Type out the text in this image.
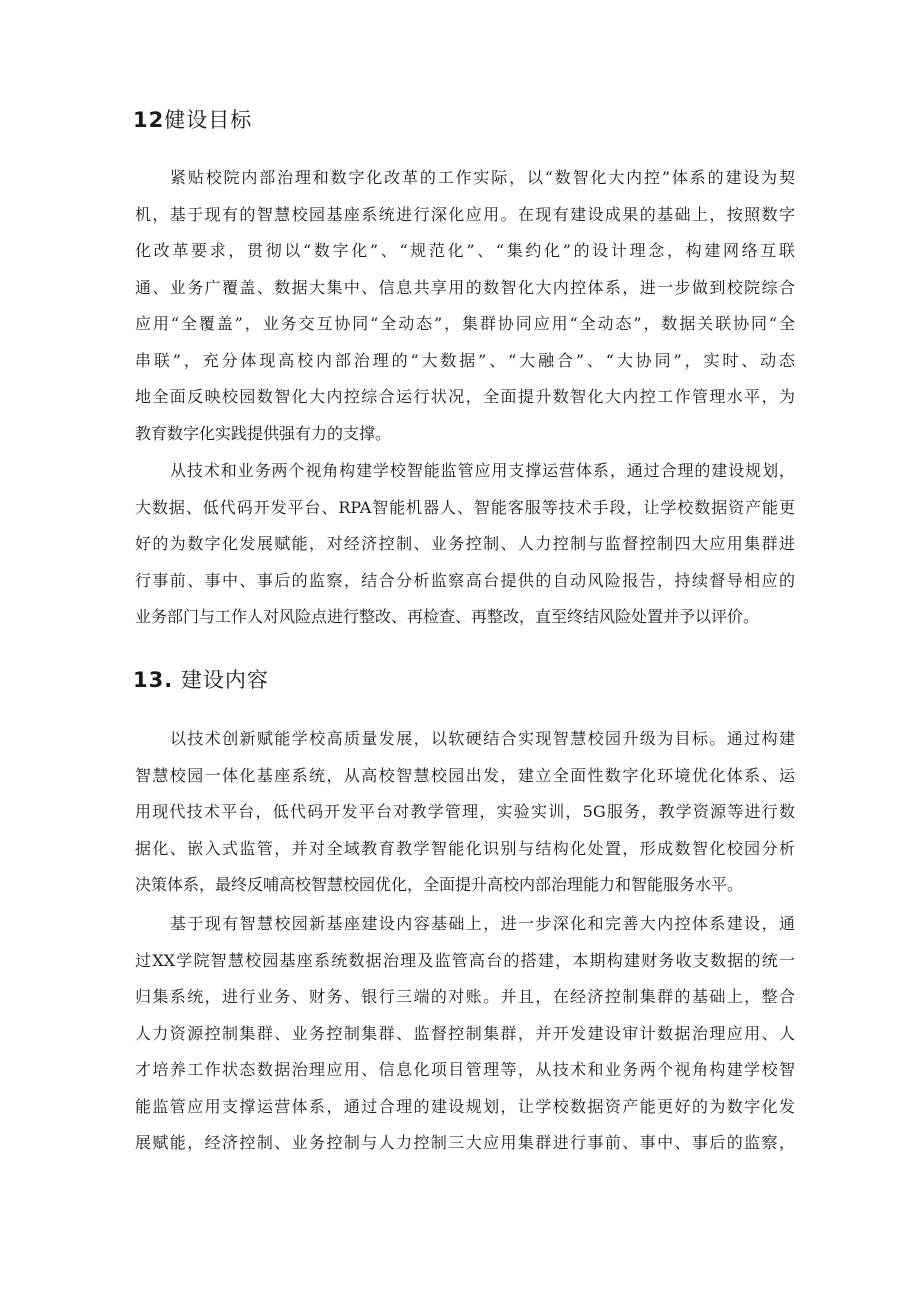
12健设目标
紧贴校院内部治理和数字化改革的工作实际，以“数智化大内控”体系的建设为契
机，基于现有的智慧校园基座系统进行深化应用。在现有建设成果的基础上，按照数字
化改革要求，贯彻以“数字化”、“规范化”、“集约化”的设计理念，构建网络互联
通、业务广覆盖、数据大集中、信息共享用的数智化大内控体系，进一步做到校院综合
应用“全覆盖”，业务交互协同“全动态”，集群协同应用“全动态”，数据关联协同“全
串联”，充分体现高校内部治理的“大数据”、“大融合”、“大协同”，实时、动态
地全面反映校园数智化大内控综合运行状况，全面提升数智化大内控工作管理水平，为
教育数字化实践提供强有力的支撑。
从技术和业务两个视角构建学校智能监管应用支撑运营体系，通过合理的建设规划，
大数据、低代码开发平台、RPA智能机器人、智能客服等技术手段，让学校数据资产能更
好的为数字化发展赋能，对经济控制、业务控制、人力控制与监督控制四大应用集群进
行事前、事中、事后的监察，结合分析监察高台提供的自动风险报告，持续督导相应的
业务部门与工作人对风险点进行整改、再检查、再整改，直至终结风险处置并予以评价。
13. 建设内容
以技术创新赋能学校高质量发展，以软硬结合实现智慧校园升级为目标。通过构建
智慧校园一体化基座系统，从高校智慧校园出发，建立全面性数字化环境优化体系、运
用现代技术平台，低代码开发平台对教学管理，实验实训，5G服务，教学资源等进行数
据化、嵌入式监管，并对全域教育教学智能化识别与结构化处置，形成数智化校园分析
决策体系，最终反哺高校智慧校园优化，全面提升高校内部治理能力和智能服务水平。
基于现有智慧校园新基座建设内容基础上，进一步深化和完善大内控体系建设，通
过XX学院智慧校园基座系统数据治理及监管高台的搭建，本期构建财务收支数据的统一
归集系统，进行业务、财务、银行三端的对账。并且，在经济控制集群的基础上，整合
人力资源控制集群、业务控制集群、监督控制集群，并开发建设审计数据治理应用、人
才培养工作状态数据治理应用、信息化项目管理等，从技术和业务两个视角构建学校智
能监管应用支撑运营体系，通过合理的建设规划，让学校数据资产能更好的为数字化发
展赋能，经济控制、业务控制与人力控制三大应用集群进行事前、事中、事后的监察，
